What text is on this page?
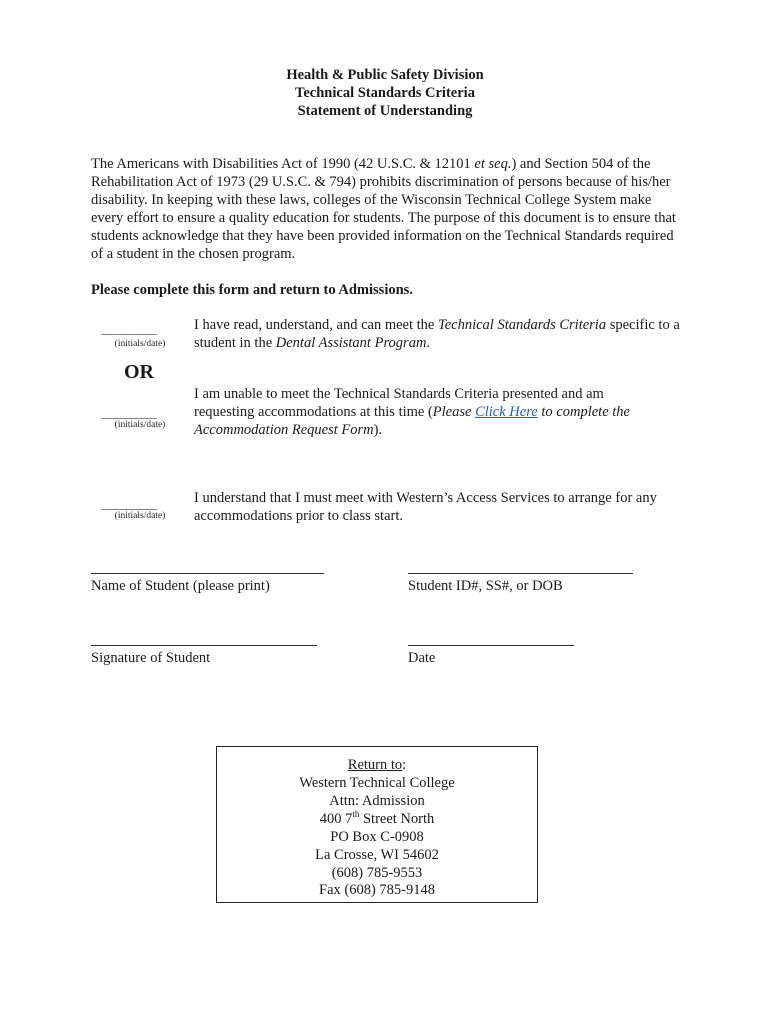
Health & Public Safety Division
Technical Standards Criteria
Statement of Understanding
The Americans with Disabilities Act of 1990 (42 U.S.C. & 12101 et seq.) and Section 504 of the Rehabilitation Act of 1973 (29 U.S.C. & 794) prohibits discrimination of persons because of his/her disability. In keeping with these laws, colleges of the Wisconsin Technical College System make every effort to ensure a quality education for students. The purpose of this document is to ensure that students acknowledge that they have been provided information on the Technical Standards required of a student in the chosen program.
Please complete this form and return to Admissions.
___________
(initials/date)
I have read, understand, and can meet the Technical Standards Criteria specific to a student in the Dental Assistant Program.
OR
I am unable to meet the Technical Standards Criteria presented and am requesting accommodations at this time (Please Click Here to complete the Accommodation Request Form).
___________
(initials/date)
I understand that I must meet with Western’s Access Services to arrange for any accommodations prior to class start.
___________
(initials/date)
Name of Student (please print)	Student ID#, SS#, or DOB
Signature of Student	Date
Return to:
Western Technical College
Attn: Admission
400 7th Street North
PO Box C-0908
La Crosse, WI 54602
(608) 785-9553
Fax (608) 785-9148
